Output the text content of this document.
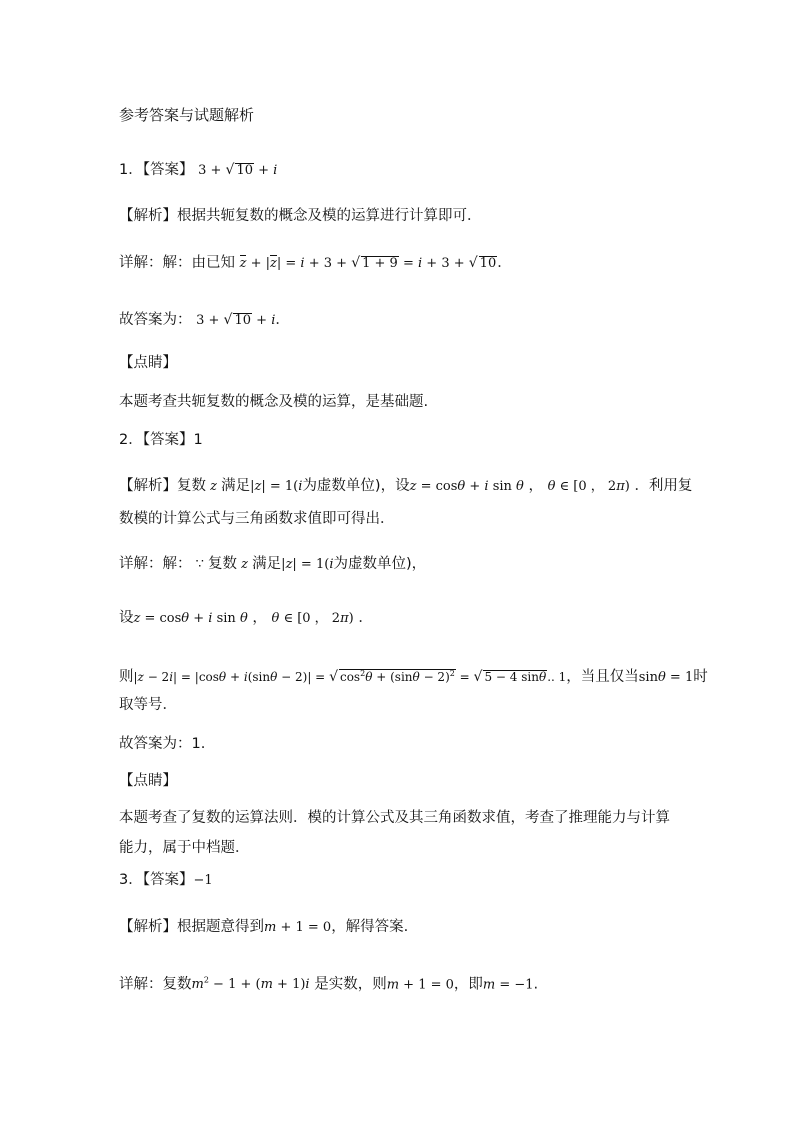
参考答案与试题解析
1．【答案】 3 + √ 10 + i
【解析】根据共轭复数的概念及模的运算进行计算即可．
详解：解：由已知 z + |z| = i + 3 + √ 1 + 9 = i + 3 + √ 10．
故答案为： 3 + √ 10 + i．
【点睛】
本题考查共轭复数的概念及模的运算，是基础题.
2．【答案】1
【解析】复数 z 满足|z| = 1(i为虚数单位)，设z = cosθ + i sin θ ， θ ∈ [0 ， 2π) ．利用复
数模的计算公式与三角函数求值即可得出．
详解：解： ∵ 复数 z 满足|z| = 1(i为虚数单位)，
设z = cosθ + i sin θ ， θ ∈ [0 ， 2π) ．
则|z − 2i| = |cosθ + i(sinθ − 2)| = √ $\cos^2\theta + (\sin\theta - 2)^2$ = √ 5 − 4 sinθ.. 1，当且仅当sinθ = 1时
取等号．
故答案为：1.
【点睛】
本题考查了复数的运算法则．模的计算公式及其三角函数求值，考查了推理能力与计算能力，属于中档题．
3．【答案】−1
【解析】根据题意得到m + 1 = 0，解得答案.
详解：复数$m^2 - 1 + (m + 1)i$ 是实数，则m + 1 = 0，即m = −1.
